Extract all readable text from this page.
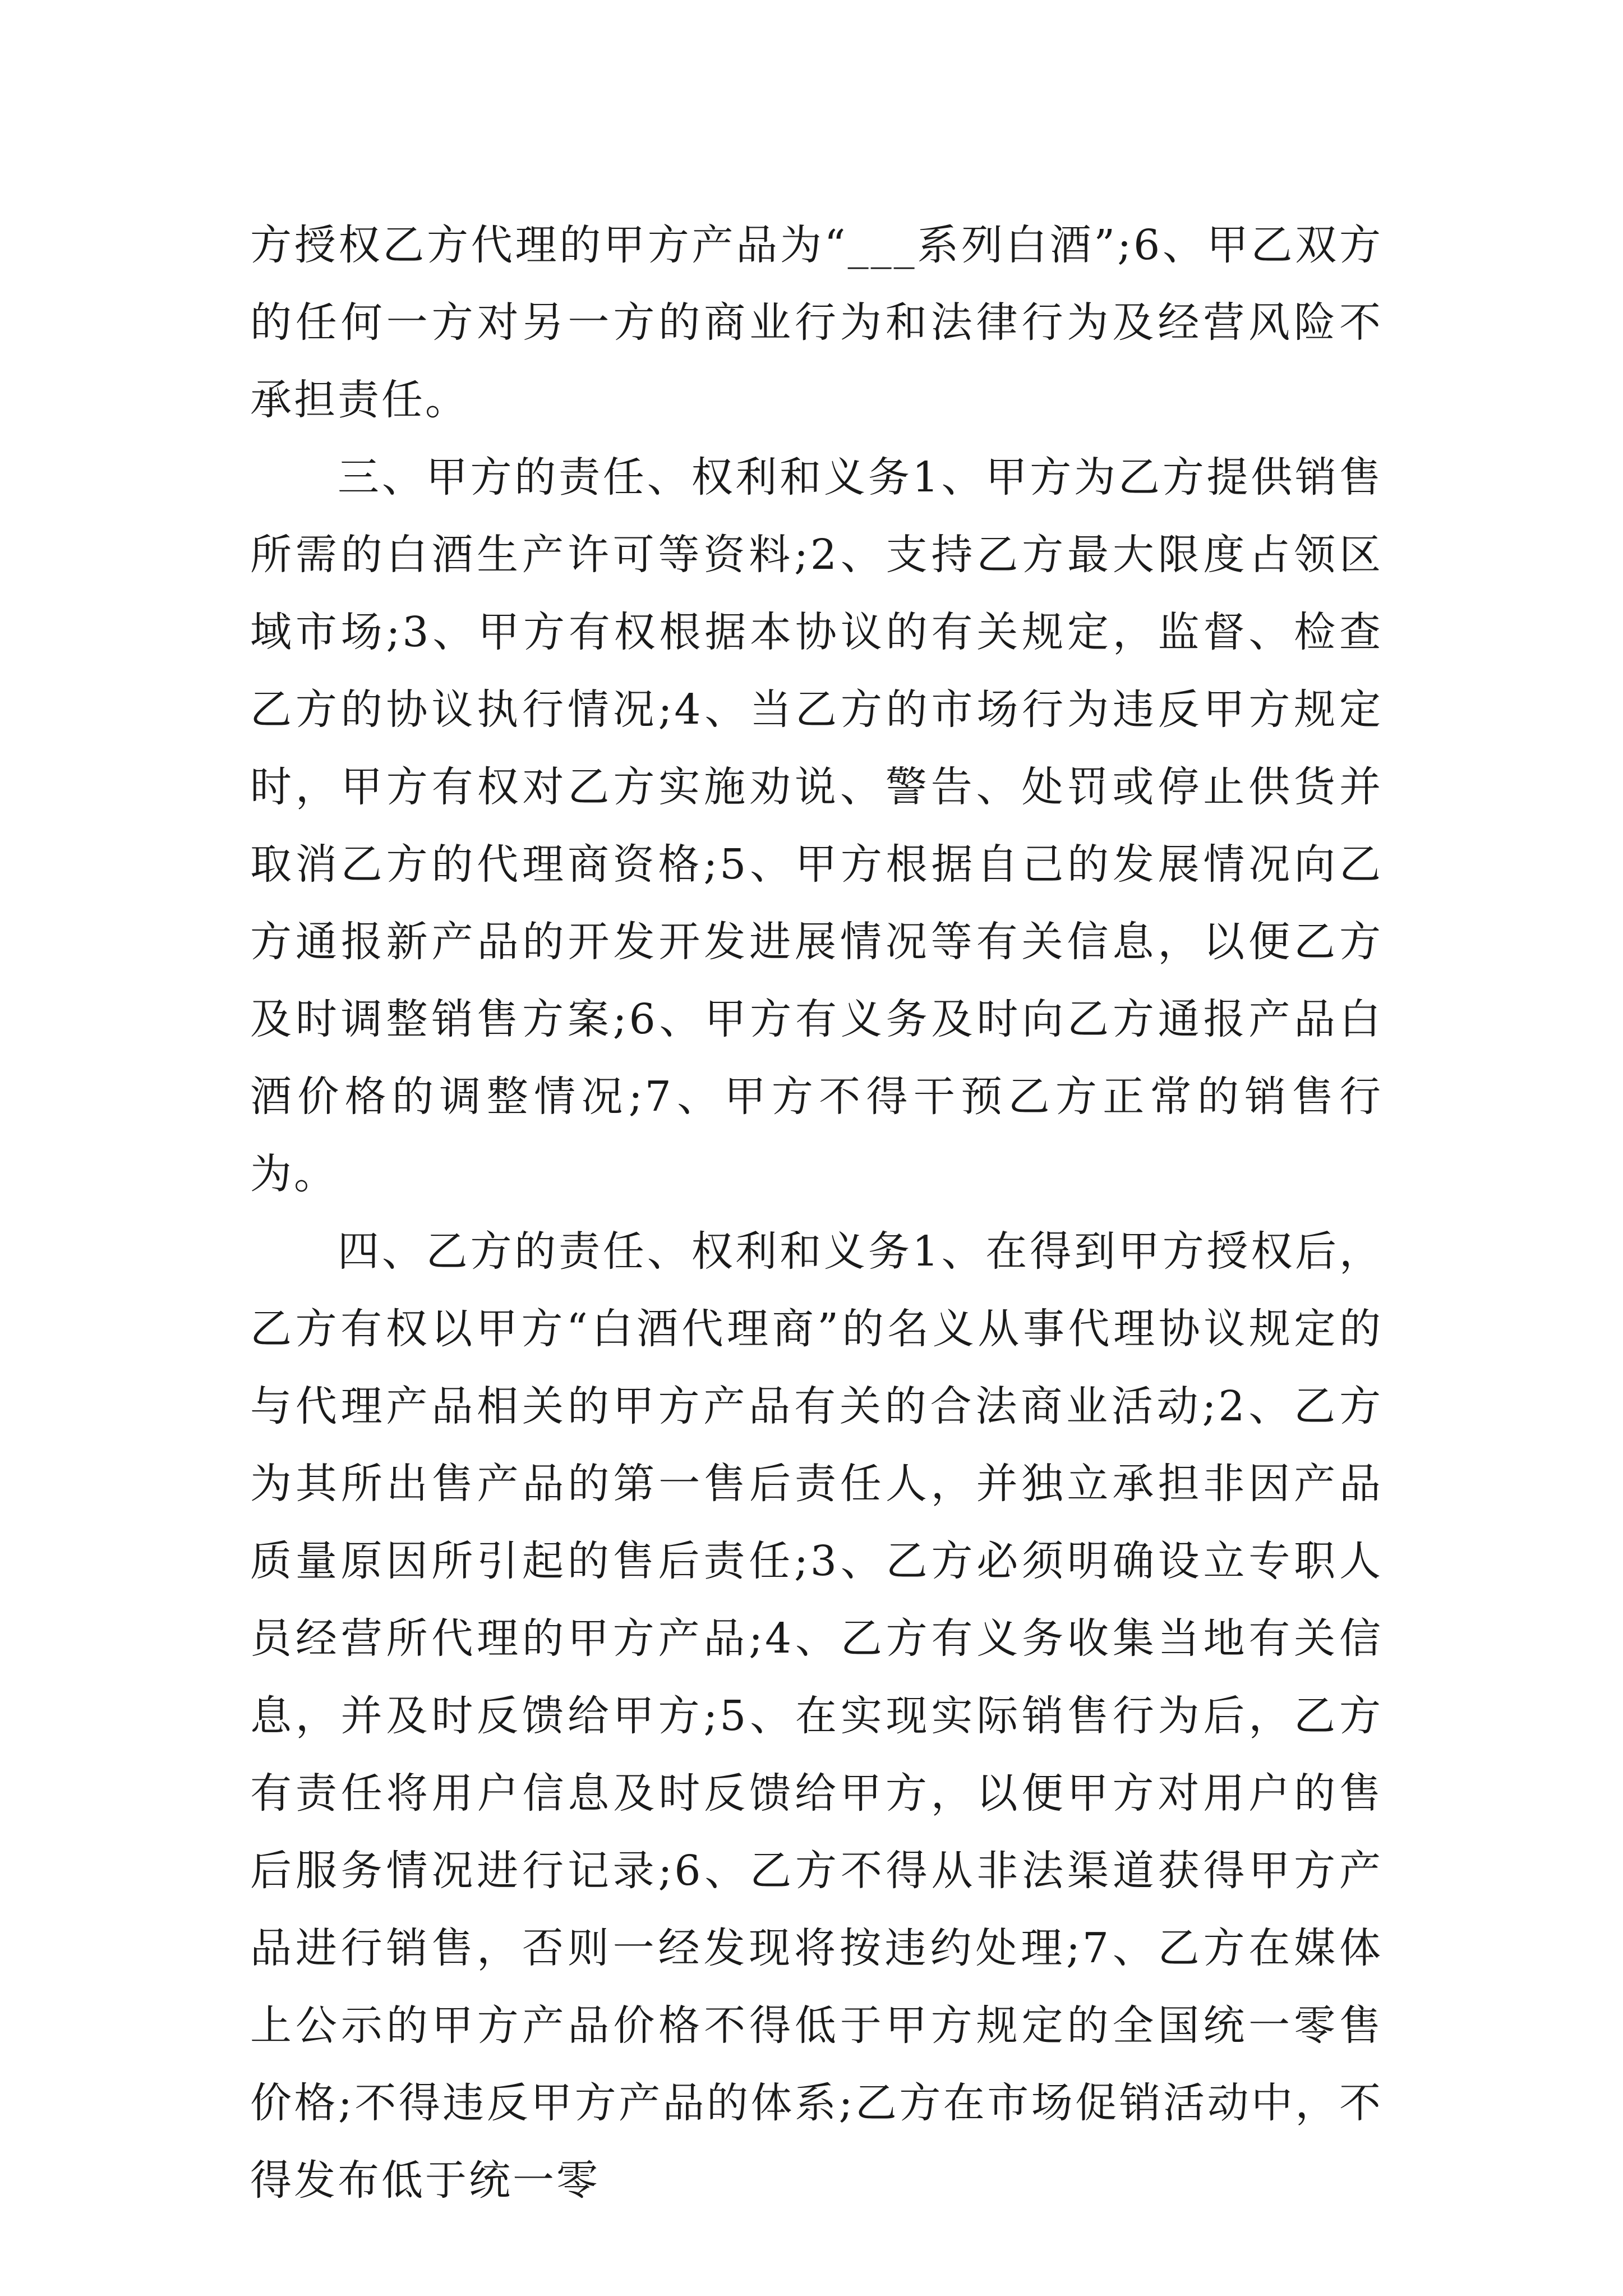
方授权乙方代理的甲方产品为“___系列白酒”;6、甲乙双方的任何一方对另一方的商业行为和法律行为及经营风险不承担责任。

三、甲方的责任、权利和义务1、甲方为乙方提供销售所需的白酒生产许可等资料;2、支持乙方最大限度占领区域市场;3、甲方有权根据本协议的有关规定，监督、检查乙方的协议执行情况;4、当乙方的市场行为违反甲方规定时，甲方有权对乙方实施劝说、警告、处罚或停止供货并取消乙方的代理商资格;5、甲方根据自己的发展情况向乙方通报新产品的开发开发进展情况等有关信息，以便乙方及时调整销售方案;6、甲方有义务及时向乙方通报产品白酒价格的调整情况;7、甲方不得干预乙方正常的销售行为。

四、乙方的责任、权利和义务1、在得到甲方授权后，乙方有权以甲方“白酒代理商”的名义从事代理协议规定的与代理产品相关的甲方产品有关的合法商业活动;2、乙方为其所出售产品的第一售后责任人，并独立承担非因产品质量原因所引起的售后责任;3、乙方必须明确设立专职人员经营所代理的甲方产品;4、乙方有义务收集当地有关信息，并及时反馈给甲方;5、在实现实际销售行为后，乙方有责任将用户信息及时反馈给甲方，以便甲方对用户的售后服务情况进行记录;6、乙方不得从非法渠道获得甲方产品进行销售，否则一经发现将按违约处理;7、乙方在媒体上公示的甲方产品价格不得低于甲方规定的全国统一零售价格;不得违反甲方产品的体系;乙方在市场促销活动中，不得发布低于统一零
